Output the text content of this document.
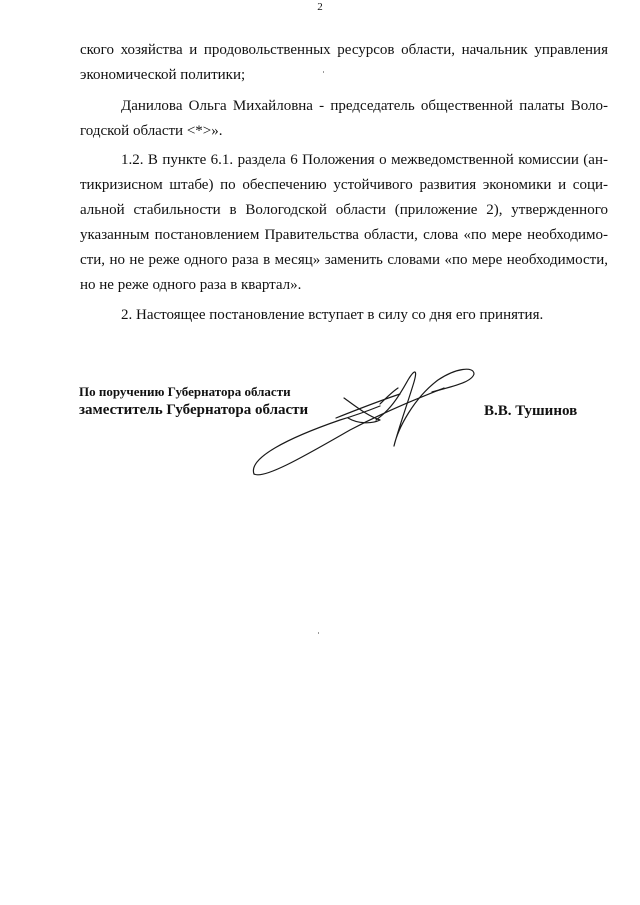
2
ского хозяйства и продовольственных ресурсов области, начальник управления
экономической политики;
Данилова Ольга Михайловна - председатель общественной палаты Воло-
годской области <*>».
1.2. В пункте 6.1. раздела 6 Положения о межведомственной комиссии (ан-
тикризисном штабе) по обеспечению устойчивого развития экономики и соци-
альной стабильности в Вологодской области (приложение 2), утвержденного
указанным постановлением Правительства области, слова «по мере необходимо-
сти, но не реже одного раза в месяц» заменить словами «по мере необходимости,
но не реже одного раза в квартал».
2. Настоящее постановление вступает в силу со дня его принятия.
По поручению Губернатора области
заместитель Губернатора области	В.В. Тушинов
